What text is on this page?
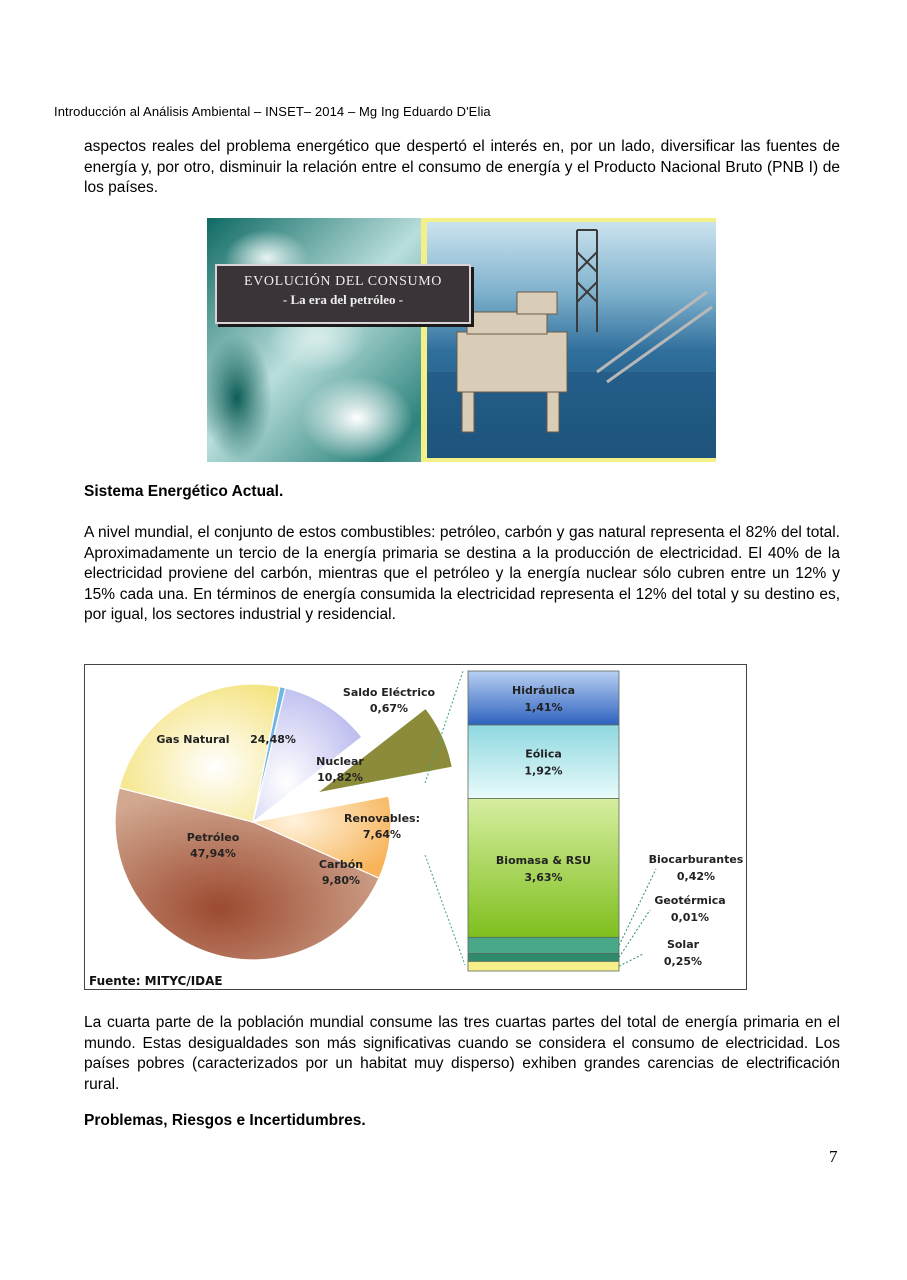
Introducción al Análisis Ambiental – INSET– 2014 – Mg Ing Eduardo D'Elia

aspectos reales del problema energético que despertó el interés en, por un lado, diversificar las fuentes de energía y, por otro, disminuir la relación entre el consumo de energía y el Producto Nacional Bruto (PNB I) de los países.

EVOLUCIÓN DEL CONSUMO
- La era del petróleo -

Sistema Energético Actual.

A nivel mundial, el conjunto de estos combustibles: petróleo, carbón y gas natural representa el 82% del total. Aproximadamente un tercio de la energía primaria se destina a la producción de electricidad. El 40% de la electricidad proviene del carbón, mientras que el petróleo y la energía nuclear sólo cubren entre un 12% y 15% cada una. En términos de energía consumida la electricidad representa el 12% del total y su destino es, por igual, los sectores industrial y residencial.

Petróleo
47,94%
Gas Natural 24,48%
Saldo Eléctrico
0,67%
Nuclear
10,82%
Renovables:
7,64%
Carbón
9,80%
Hidráulica
1,41%
Eólica
1,92%
Biomasa & RSU
3,63%
Biocarburantes
0,42%
Geotérmica
0,01%
Solar
0,25%
Fuente: MITYC/IDAE

La cuarta parte de la población mundial consume las tres cuartas partes del total de energía primaria en el mundo. Estas desigualdades son más significativas cuando se considera el consumo de electricidad. Los países pobres (caracterizados por un habitat muy disperso) exhiben grandes carencias de electrificación rural.

Problemas, Riesgos e Incertidumbres.

7
